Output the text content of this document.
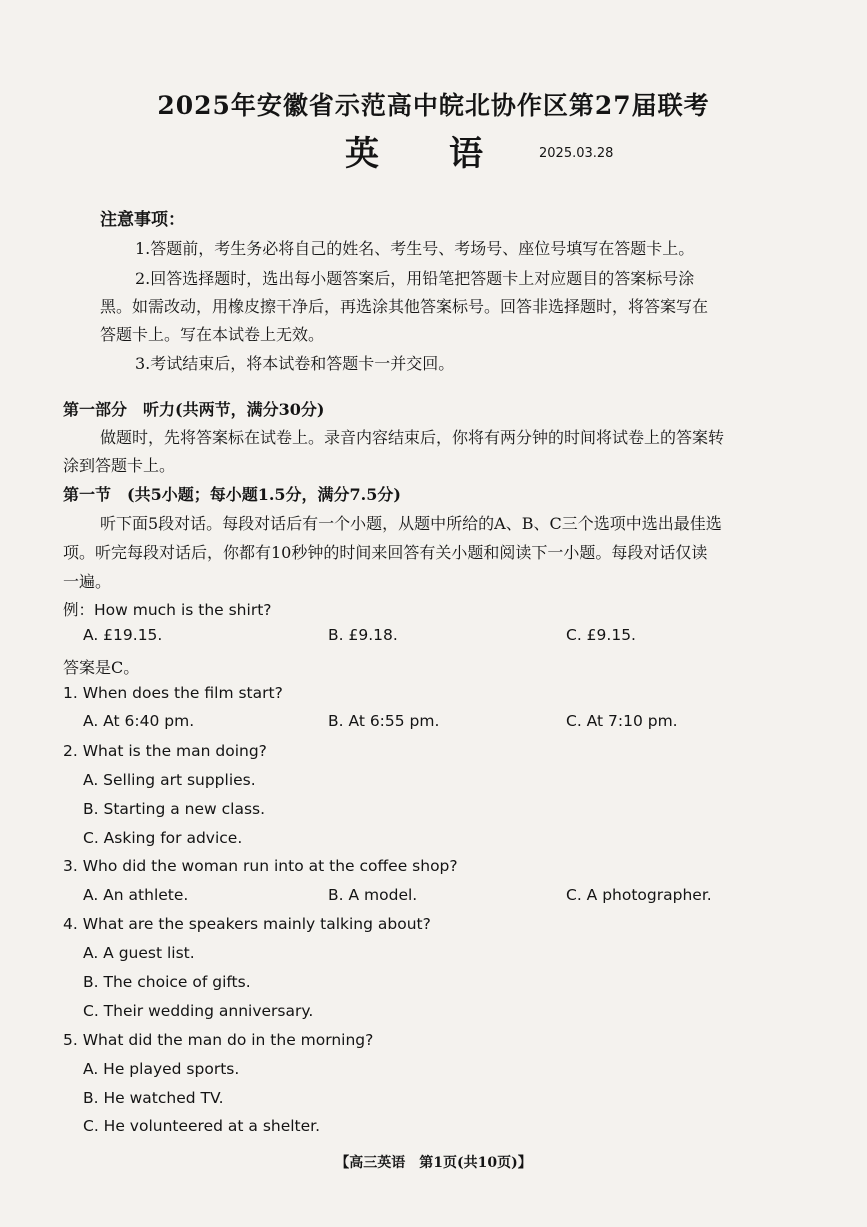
2025年安徽省示范高中皖北协作区第27届联考
英语
2025.03.28
注意事项：
1.答题前，考生务必将自己的姓名、考生号、考场号、座位号填写在答题卡上。
2.回答选择题时，选出每小题答案后，用铅笔把答题卡上对应题目的答案标号涂
黑。如需改动，用橡皮擦干净后，再选涂其他答案标号。回答非选择题时，将答案写在
答题卡上。写在本试卷上无效。
3.考试结束后，将本试卷和答题卡一并交回。
第一部分　听力(共两节，满分30分)
做题时，先将答案标在试卷上。录音内容结束后，你将有两分钟的时间将试卷上的答案转
涂到答题卡上。
第一节　(共5小题；每小题1.5分，满分7.5分)
听下面5段对话。每段对话后有一个小题，从题中所给的A、B、C三个选项中选出最佳选
项。听完每段对话后，你都有10秒钟的时间来回答有关小题和阅读下一小题。每段对话仅读
一遍。
例：How much is the shirt?
A. £19.15.	B. £9.18.	C. £9.15.
答案是C。
1. When does the film start?
A. At 6:40 pm.	B. At 6:55 pm.	C. At 7:10 pm.
2. What is the man doing?
A. Selling art supplies.
B. Starting a new class.
C. Asking for advice.
3. Who did the woman run into at the coffee shop?
A. An athlete.	B. A model.	C. A photographer.
4. What are the speakers mainly talking about?
A. A guest list.
B. The choice of gifts.
C. Their wedding anniversary.
5. What did the man do in the morning?
A. He played sports.
B. He watched TV.
C. He volunteered at a shelter.
【高三英语　第1页(共10页)】
